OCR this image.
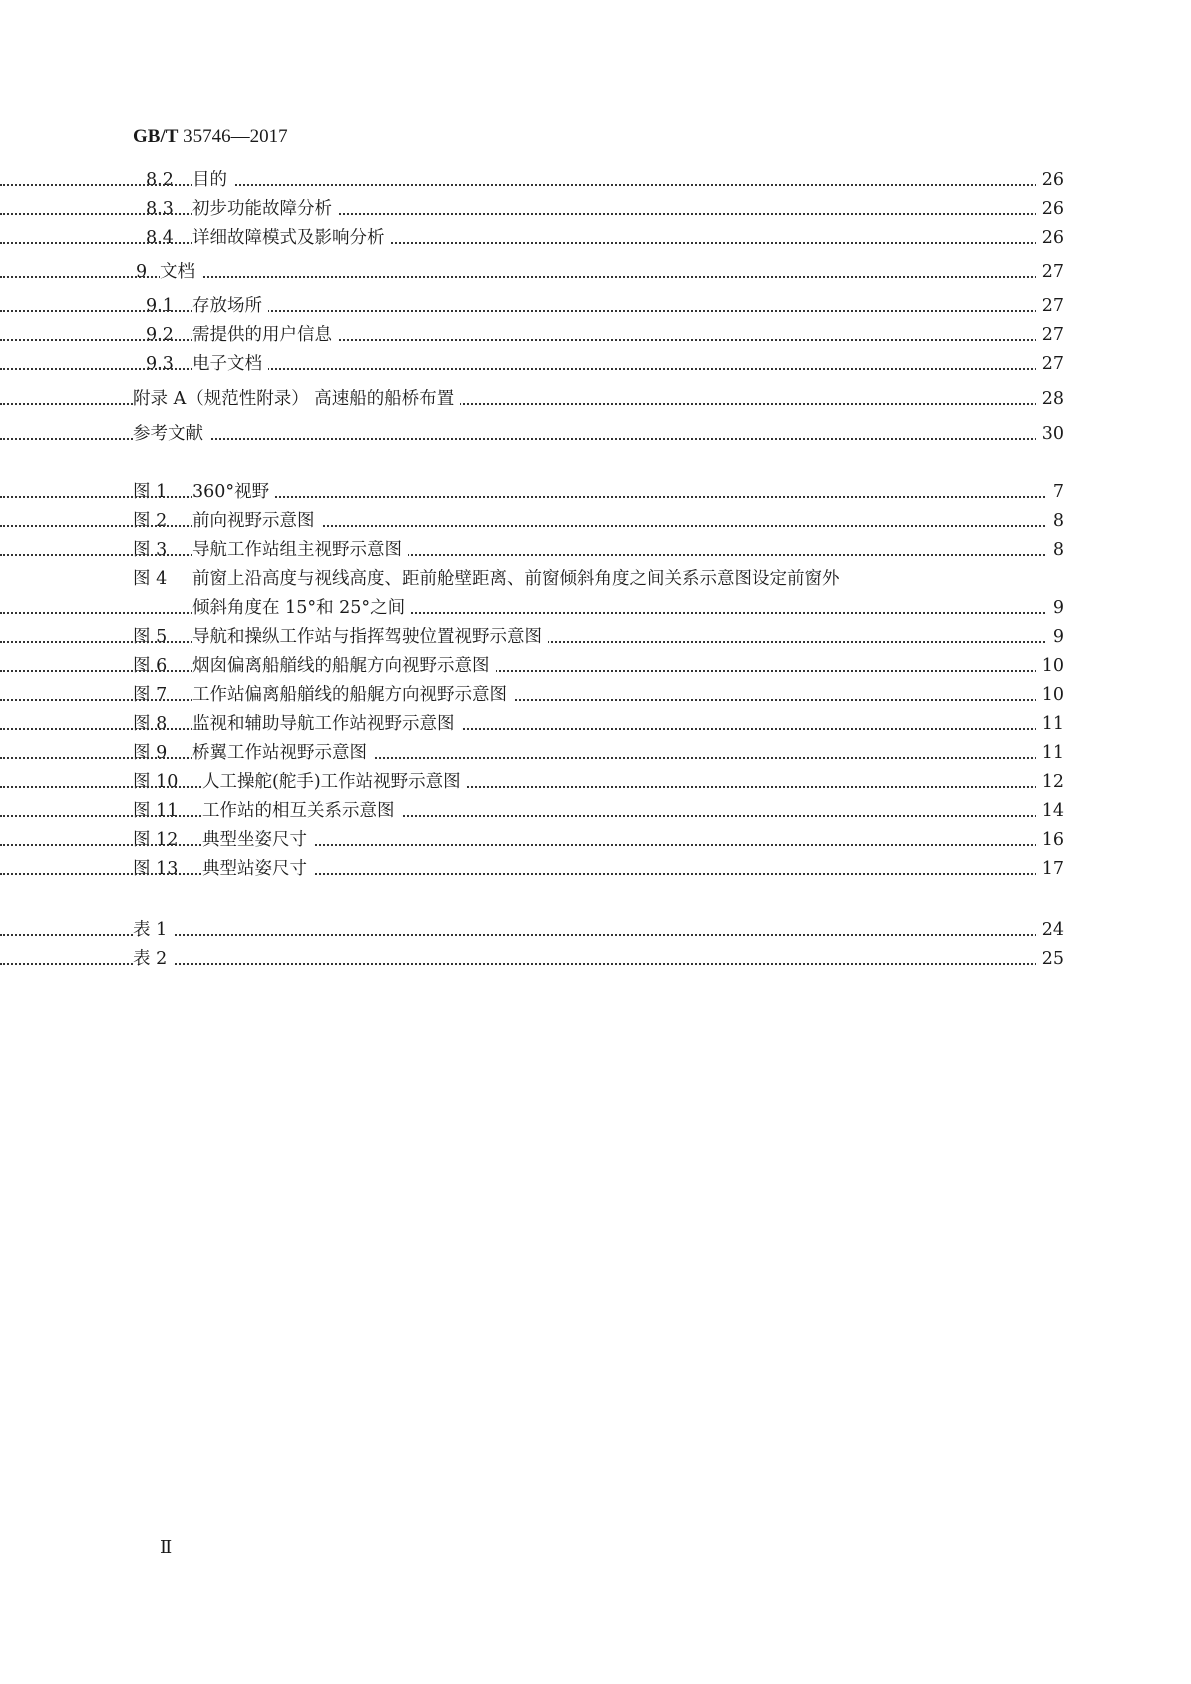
GB/T 35746—2017
8.2 目的	26
8.3 初步功能故障分析	26
8.4 详细故障模式及影响分析	26
9 文档	27
9.1 存放场所	27
9.2 需提供的用户信息	27
9.3 电子文档	27
附录 A（规范性附录） 高速船的船桥布置	28
参考文献	30
图 1 360°视野	7
图 2 前向视野示意图	8
图 3 导航工作站组主视野示意图	8
图 4 前窗上沿高度与视线高度、距前舱壁距离、前窗倾斜角度之间关系示意图设定前窗外
倾斜角度在 15°和 25°之间	9
图 5 导航和操纵工作站与指挥驾驶位置视野示意图	9
图 6 烟囱偏离船艏线的船艉方向视野示意图	10
图 7 工作站偏离船艏线的船艉方向视野示意图	10
图 8 监视和辅助导航工作站视野示意图	11
图 9 桥翼工作站视野示意图	11
图 10 人工操舵(舵手)工作站视野示意图	12
图 11 工作站的相互关系示意图	14
图 12 典型坐姿尺寸	16
图 13 典型站姿尺寸	17
表 1	24
表 2	25
Ⅱ
